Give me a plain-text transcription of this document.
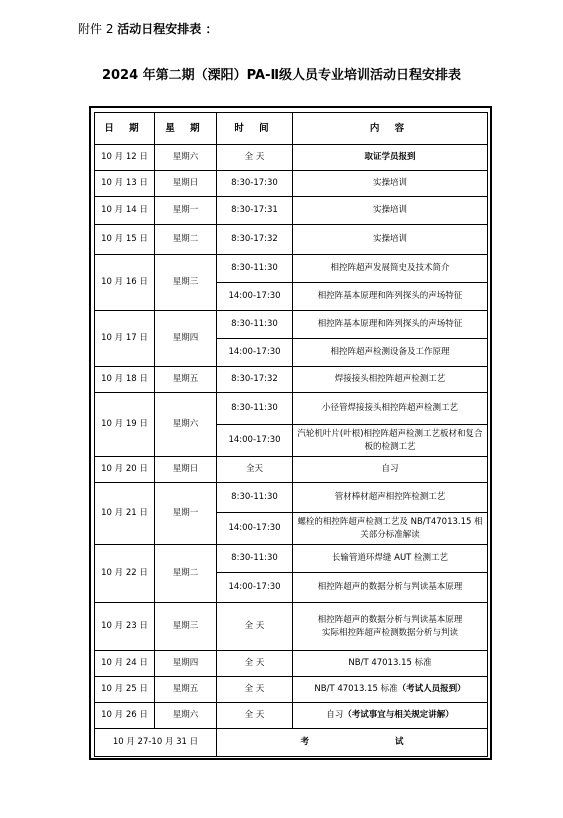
附件 2 活动日程安排表 ：
2024 年第二期（溧阳）PA-Ⅱ级人员专业培训活动日程安排表
日 期	星 期	时 间	内 容
10 月 12 日	星期六	全 天	取证学员报到
10 月 13 日	星期日	8:30-17:30	实操培训
10 月 14 日	星期一	8:30-17:31	实操培训
10 月 15 日	星期二	8:30-17:32	实操培训
10 月 16 日	星期三	8:30-11:30	相控阵超声发展简史及技术简介
		14:00-17:30	相控阵基本原理和阵列探头的声场特征
10 月 17 日	星期四	8:30-11:30	相控阵基本原理和阵列探头的声场特征
		14:00-17:30	相控阵超声检测设备及工作原理
10 月 18 日	星期五	8:30-17:32	焊接接头相控阵超声检测工艺
10 月 19 日	星期六	8:30-11:30	小径管焊接接头相控阵超声检测工艺
		14:00-17:30	汽轮机叶片(叶根)相控阵超声检测工艺板材和复合板的检测工艺
10 月 20 日	星期日	全天	自习
10 月 21 日	星期一	8:30-11:30	管材棒材超声相控阵检测工艺
		14:00-17:30	螺栓的相控阵超声检测工艺及 NB/T47013.15 相关部分标准解读
10 月 22 日	星期二	8:30-11:30	长输管道环焊缝 AUT 检测工艺
		14:00-17:30	相控阵超声的数据分析与判读基本原理
10 月 23 日	星期三	全 天	相控阵超声的数据分析与判读基本原理
实际相控阵超声检测数据分析与判读
10 月 24 日	星期四	全 天	NB/T 47013.15 标准
10 月 25 日	星期五	全 天	NB/T 47013.15 标准（考试人员报到）
10 月 26 日	星期六	全 天	自习（考试事宜与相关规定讲解）
10 月 27-10 月 31 日		考 试	
